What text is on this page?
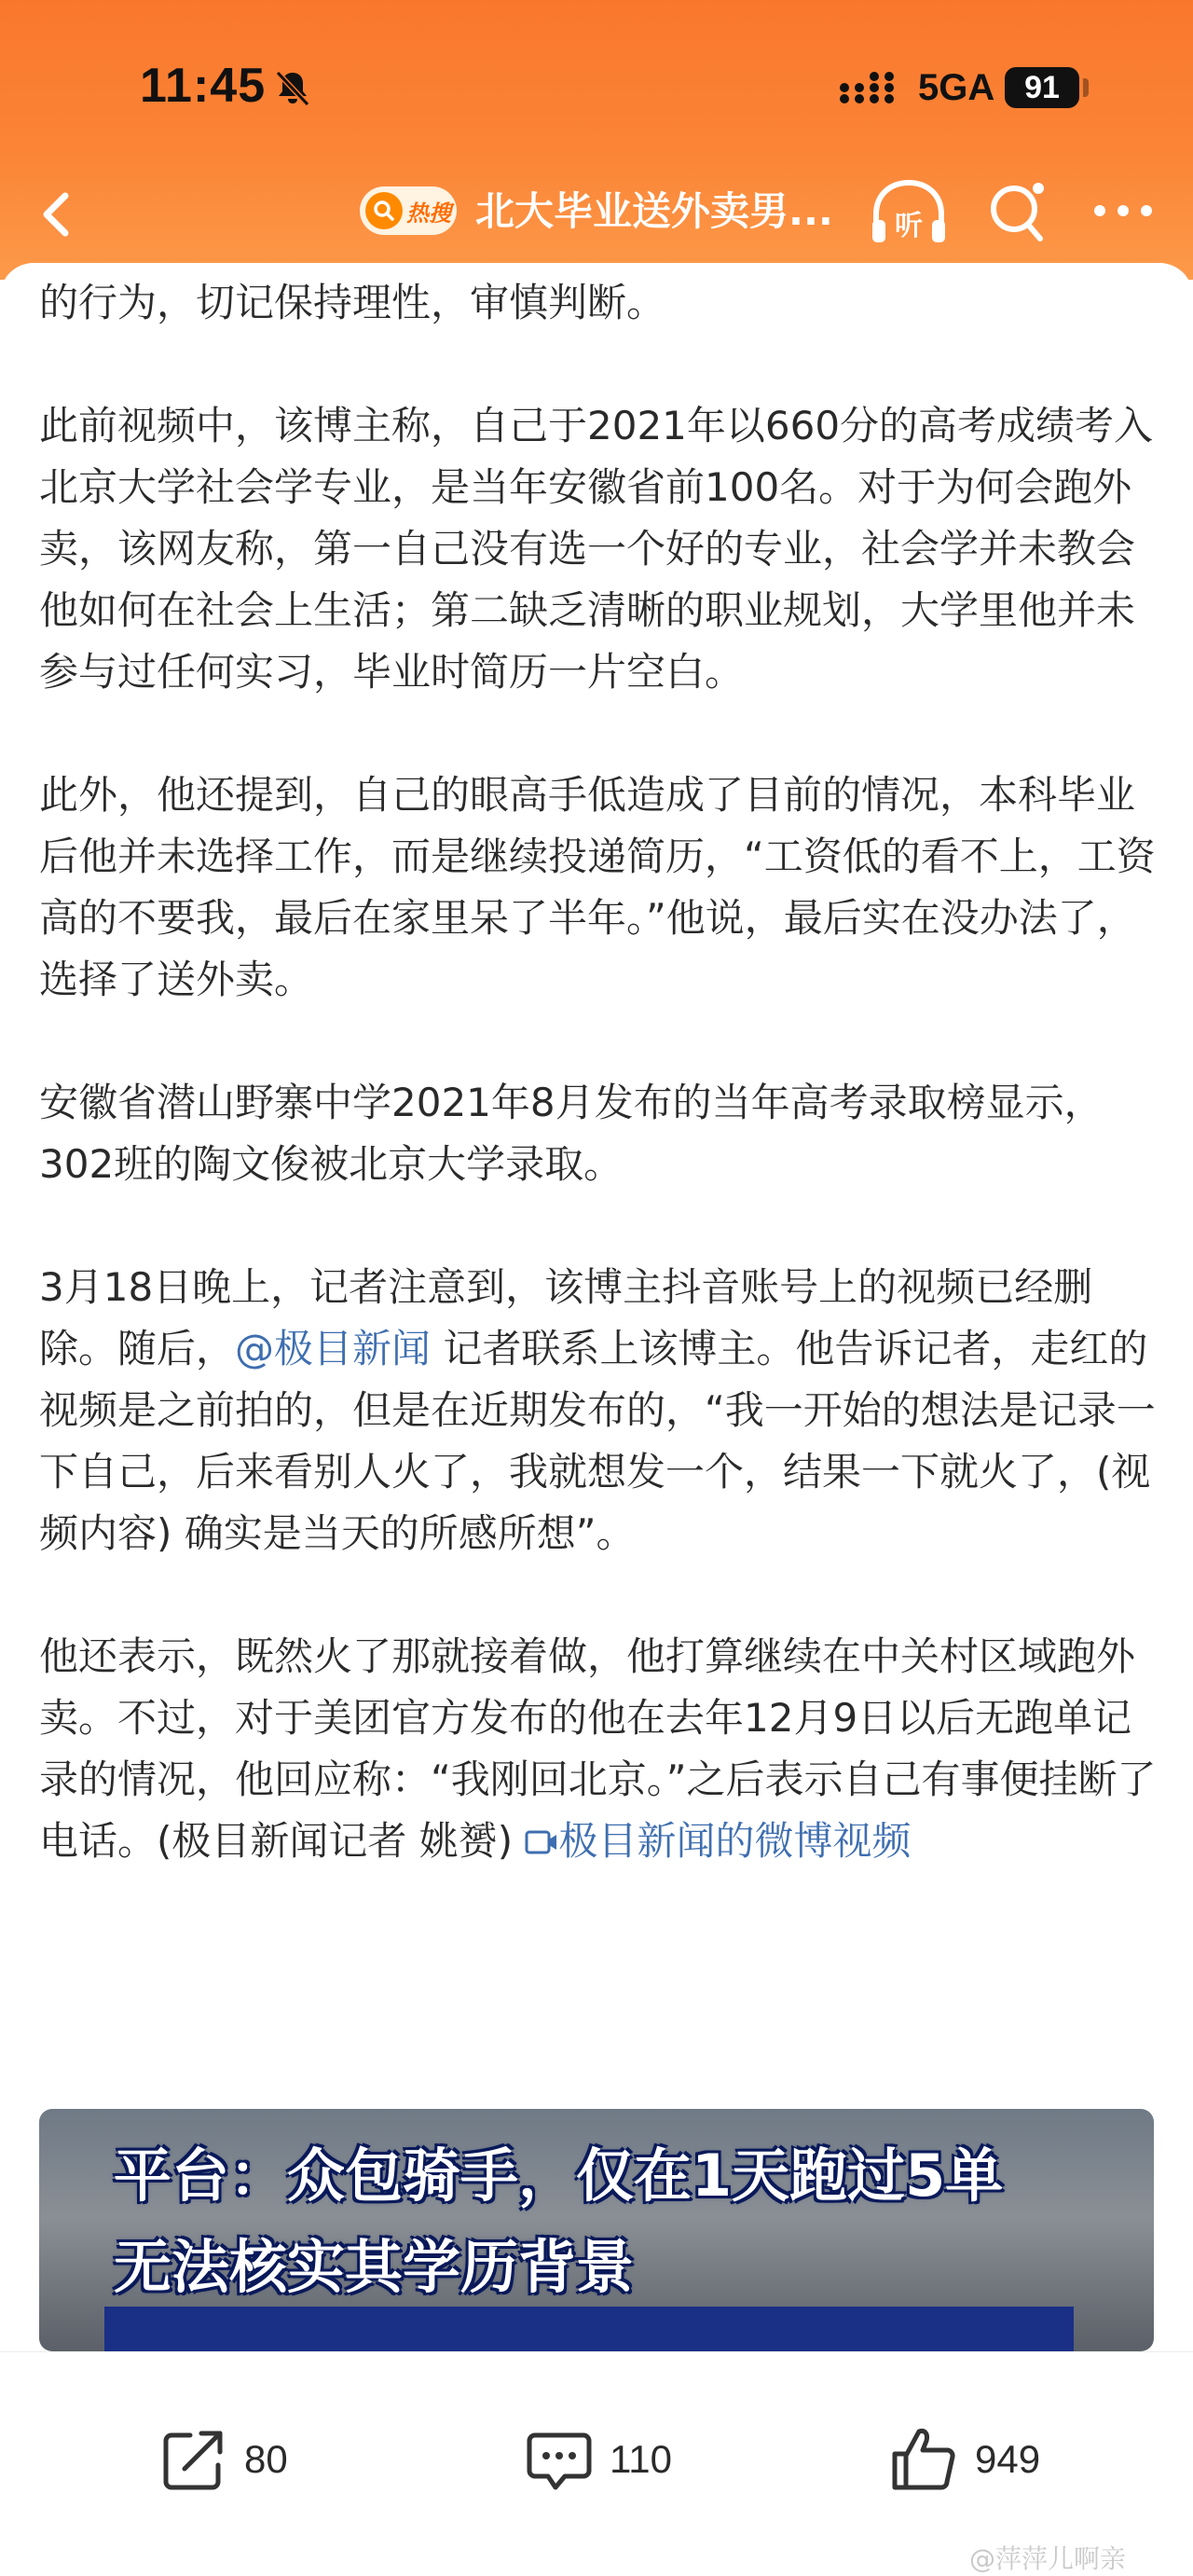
11:45	5GA 91
热搜 北大毕业送外卖男...	听

的行为，切记保持理性，审慎判断。

此前视频中，该博主称，自己于2021年以660分的高考成绩考入北京大学社会学专业，是当年安徽省前100名。对于为何会跑外卖，该网友称，第一自己没有选一个好的专业，社会学并未教会他如何在社会上生活；第二缺乏清晰的职业规划，大学里他并未参与过任何实习，毕业时简历一片空白。

此外，他还提到，自己的眼高手低造成了目前的情况，本科毕业后他并未选择工作，而是继续投递简历，“工资低的看不上，工资高的不要我，最后在家里呆了半年。”他说，最后实在没办法了，选择了送外卖。

安徽省潜山野寨中学2021年8月发布的当年高考录取榜显示，302班的陶文俊被北京大学录取。

3月18日晚上，记者注意到，该博主抖音账号上的视频已经删除。随后，@极目新闻 记者联系上该博主。他告诉记者，走红的视频是之前拍的，但是在近期发布的，“我一开始的想法是记录一下自己，后来看别人火了，我就想发一个，结果一下就火了，(视频内容) 确实是当天的所感所想”。

他还表示，既然火了那就接着做，他打算继续在中关村区域跑外卖。不过，对于美团官方发布的他在去年12月9日以后无跑单记录的情况，他回应称：“我刚回北京。”之后表示自己有事便挂断了电话。(极目新闻记者 姚赟) 极目新闻的微博视频

平台：众包骑手，仅在1天跑过5单
无法核实其学历背景
80	110	949
@萍萍儿啊亲
